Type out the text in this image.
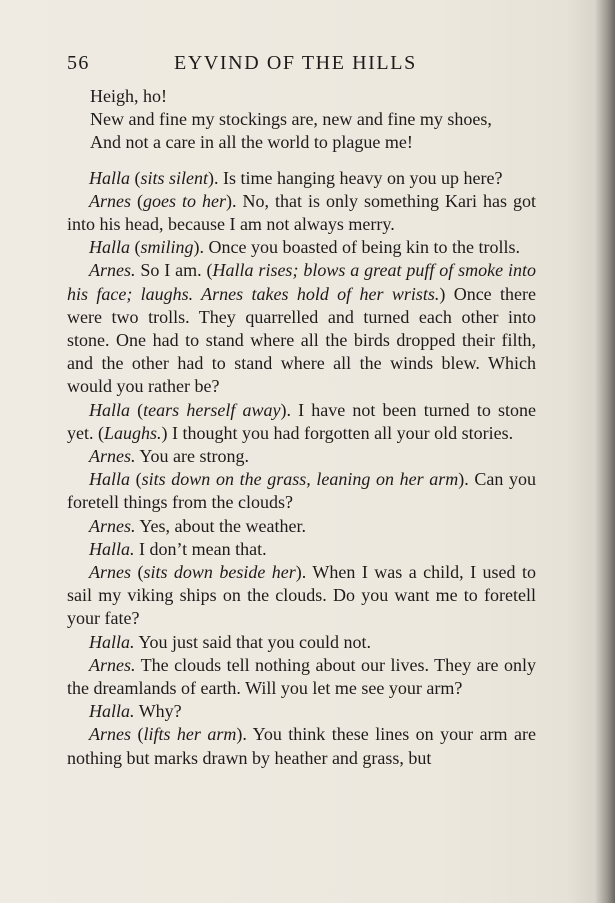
56	EYVIND OF THE HILLS
Heigh, ho!
New and fine my stockings are, new and fine my shoes,
And not a care in all the world to plague me!

Halla (sits silent). Is time hanging heavy on you up here?

Arnes (goes to her). No, that is only something Kari has got into his head, because I am not always merry.

Halla (smiling). Once you boasted of being kin to the trolls.

Arnes. So I am. (Halla rises; blows a great puff of smoke into his face; laughs. Arnes takes hold of her wrists.) Once there were two trolls. They quarrelled and turned each other into stone. One had to stand where all the birds dropped their filth, and the other had to stand where all the winds blew. Which would you rather be?

Halla (tears herself away). I have not been turned to stone yet. (Laughs.) I thought you had forgotten all your old stories.

Arnes. You are strong.

Halla (sits down on the grass, leaning on her arm). Can you foretell things from the clouds?

Arnes. Yes, about the weather.

Halla. I don’t mean that.

Arnes (sits down beside her). When I was a child, I used to sail my viking ships on the clouds. Do you want me to foretell your fate?

Halla. You just said that you could not.

Arnes. The clouds tell nothing about our lives. They are only the dreamlands of earth. Will you let me see your arm?

Halla. Why?

Arnes (lifts her arm). You think these lines on your arm are nothing but marks drawn by heather and grass, but
